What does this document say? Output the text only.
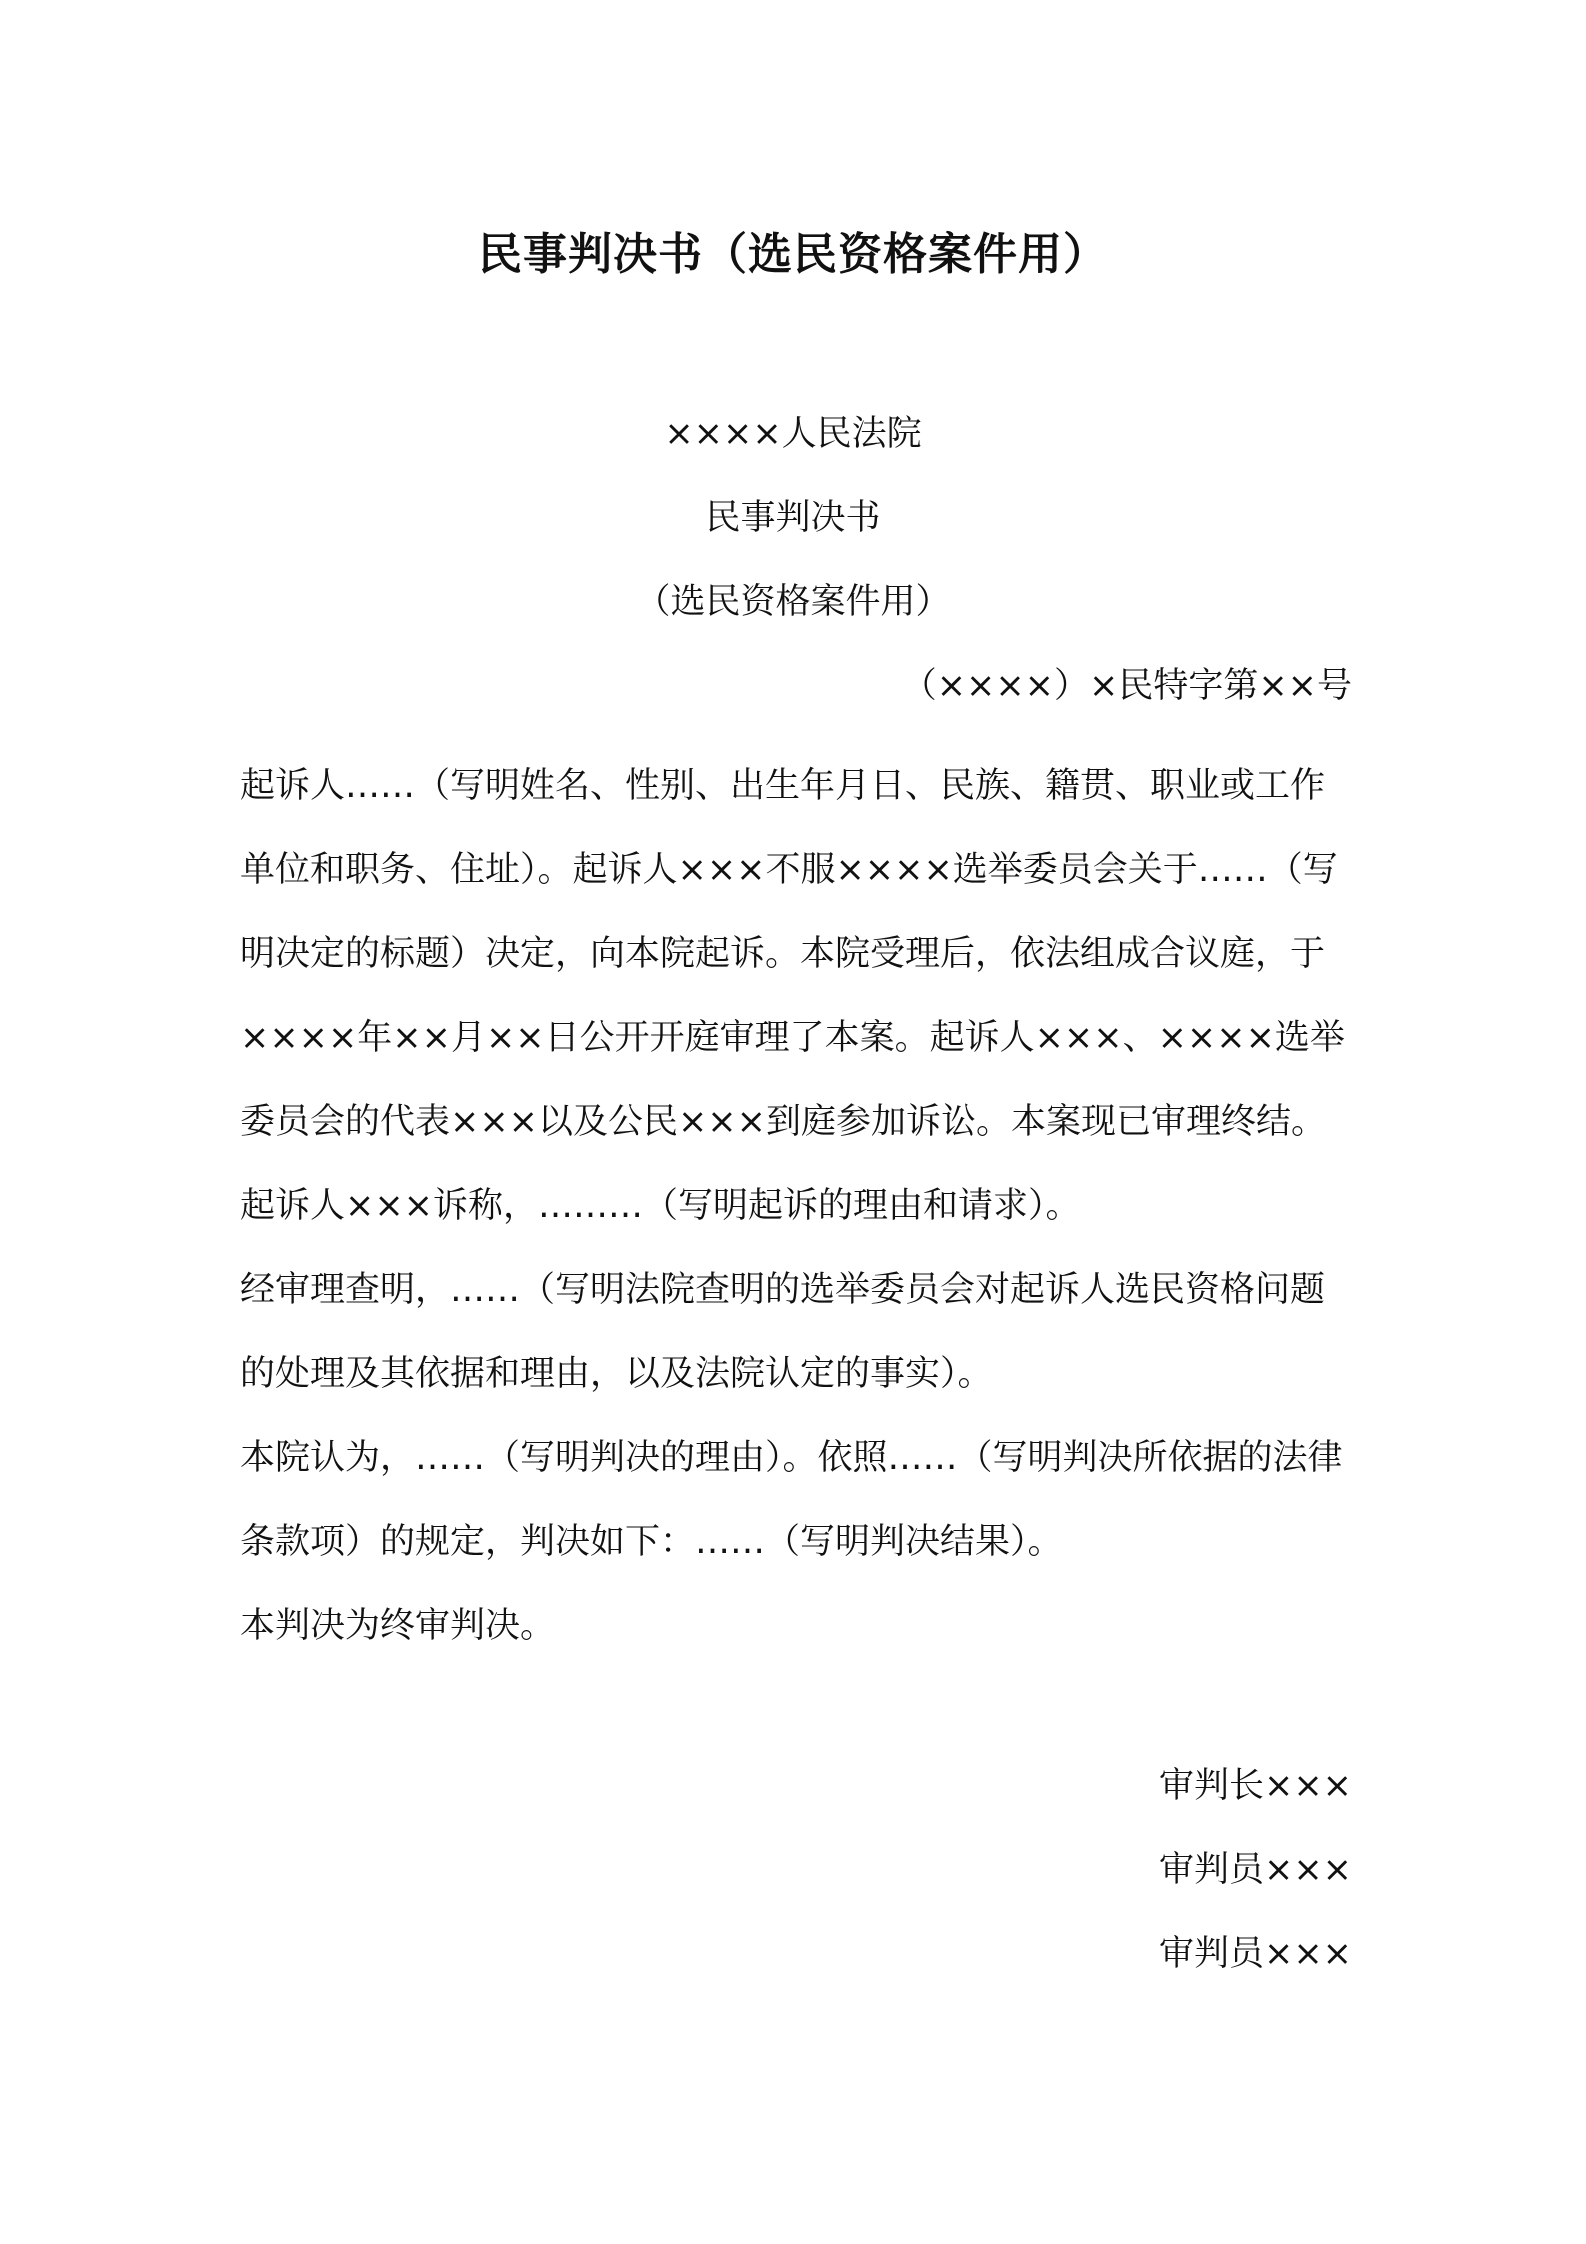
民事判决书（选民资格案件用）
××××人民法院
民事判决书
（选民资格案件用）
（××××）×民特字第××号

起诉人……（写明姓名、性别、出生年月日、民族、籍贯、职业或工作单位和职务、住址）。起诉人×××不服××××选举委员会关于……（写明决定的标题）决定，向本院起诉。本院受理后，依法组成合议庭，于××××年××月××日公开开庭审理了本案。起诉人×××、××××选举委员会的代表×××以及公民×××到庭参加诉讼。本案现已审理终结。起诉人×××诉称，………（写明起诉的理由和请求）。

经审理查明，……（写明法院查明的选举委员会对起诉人选民资格问题的处理及其依据和理由，以及法院认定的事实）。

本院认为，……（写明判决的理由）。依照……（写明判决所依据的法律条款项）的规定，判决如下：……（写明判决结果）。

本判决为终审判决。

审判长×××
审判员×××
审判员×××
